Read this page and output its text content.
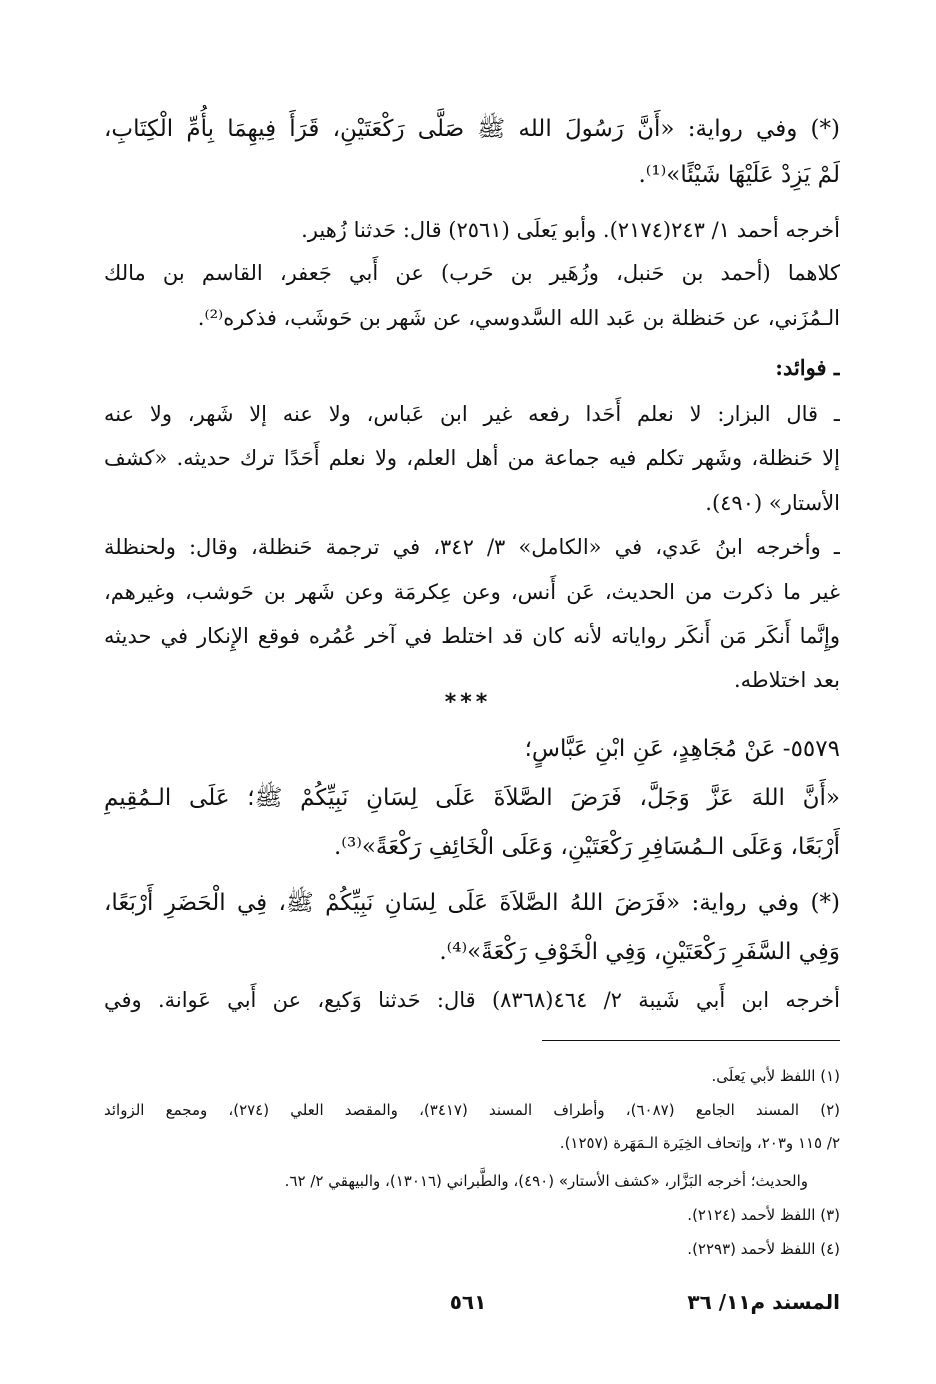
(*) وفي رواية: «أَنَّ رَسُولَ الله ﷺ صَلَّى رَكْعَتَيْنِ، قَرَأَ فِيهِمَا بِأُمِّ الْكِتَابِ،
لَمْ يَزِدْ عَلَيْهَا شَيْئًا»⁽¹⁾.
أخرجه أحمد ١/ ٢٤٣(٢١٧٤). وأبو يَعلَى (٢٥٦١) قال: حَدثنا زُهير.
كلاهما (أحمد بن حَنبل، وزُهَير بن حَرب) عن أَبي جَعفر، القاسم بن مالك
الـمُزَني، عن حَنظلة بن عَبد الله السَّدوسي، عن شَهر بن حَوشَب، فذكره⁽²⁾.
ـ فوائد:
ـ قال البزار: لا نعلم أَحَدا رفعه غير ابن عَباس، ولا عنه إلا شَهر، ولا عنه
إلا حَنظلة، وشَهر تكلم فيه جماعة من أهل العلم، ولا نعلم أَحَدًا ترك حديثه. «كشف
الأستار» (٤٩٠).
ـ وأخرجه ابنُ عَدي، في «الكامل» ٣/ ٣٤٢، في ترجمة حَنظلة، وقال: ولحنظلة
غير ما ذكرت من الحديث، عَن أَنس، وعن عِكرمَة وعن شَهر بن حَوشب، وغيرهم،
وإِنَّما أَنكَر مَن أَنكَر رواياته لأنه كان قد اختلط في آخر عُمُره فوقع الإِنكار في حديثه
بعد اختلاطه.
***
٥٥٧٩- عَنْ مُجَاهِدٍ، عَنِ ابْنِ عَبَّاسٍ؛
«أَنَّ اللهَ عَزَّ وَجَلَّ، فَرَضَ الصَّلاَةَ عَلَى لِسَانِ نَبِيِّكُمْ ﷺ؛ عَلَى الـمُقِيمِ
أَرْبَعًا، وَعَلَى الـمُسَافِرِ رَكْعَتَيْنِ، وَعَلَى الْخَائِفِ رَكْعَةً»⁽³⁾.
(*) وفي رواية: «فَرَضَ اللهُ الصَّلاَةَ عَلَى لِسَانِ نَبِيِّكُمْ ﷺ، فِي الْحَضَرِ أَرْبَعًا،
وَفِي السَّفَرِ رَكْعَتَيْنِ، وَفِي الْخَوْفِ رَكْعَةً»⁽⁴⁾.
أخرجه ابن أَبي شَيبة ٢/ ٤٦٤(٨٣٦٨) قال: حَدثنا وَكيع، عن أَبي عَوانة. وفي
(١) اللفظ لأبي يَعلَى.
(٢) المسند الجامع (٦٠٨٧)، وأطراف المسند (٣٤١٧)، والمقصد العلي (٢٧٤)، ومجمع الزوائد
٢/ ١١٥ و٢٠٣، وإتحاف الخِيَرة الـمَهَرة (١٢٥٧).
والحديث؛ أخرجه البَزَّار، «كشف الأستار» (٤٩٠)، والطَّبراني (١٣٠١٦)، والبيهقي ٢/ ٦٢.
(٣) اللفظ لأحمد (٢١٢٤).
(٤) اللفظ لأحمد (٢٢٩٣).
المسند م١١/ ٣٦
٥٦١
